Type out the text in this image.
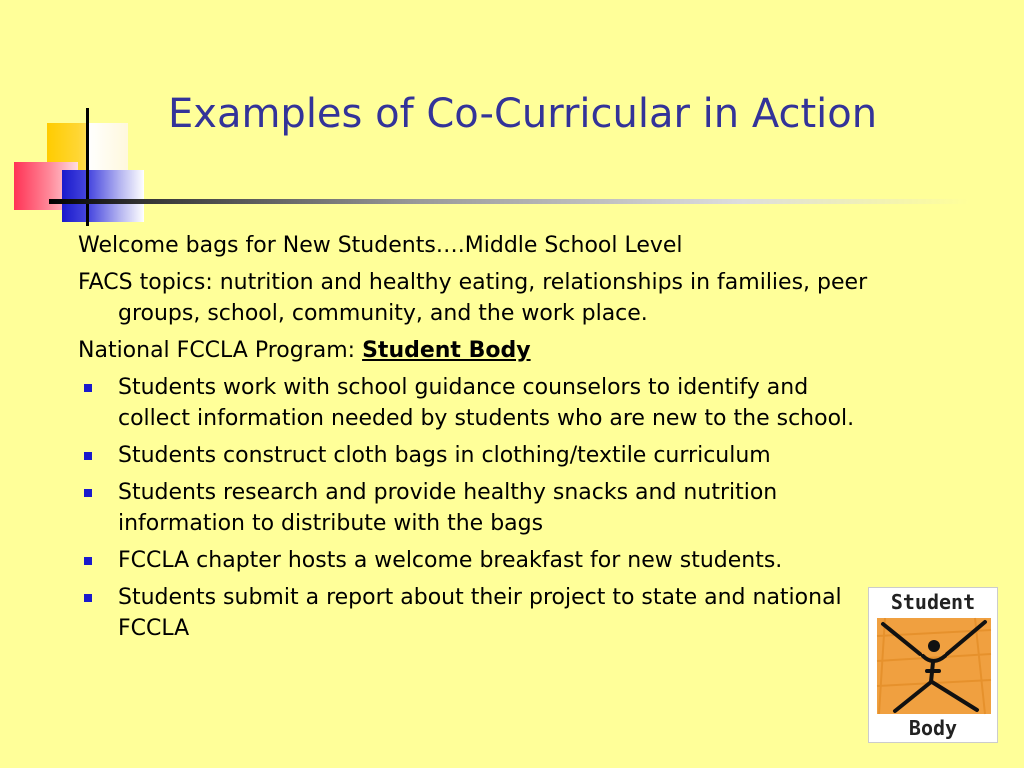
Examples of Co-Curricular in Action
Welcome bags for New Students….Middle School Level
FACS topics: nutrition and healthy eating, relationships in families, peer groups, school, community, and the work place.
National FCCLA Program: Student Body
Students work with school guidance counselors to identify and collect information needed by students who are new to the school.
Students construct cloth bags in clothing/textile curriculum
Students research and provide healthy snacks and nutrition information to distribute with the bags
FCCLA chapter hosts a welcome breakfast for new students.
Students submit a report about their project to state and national FCCLA
Student
Body
